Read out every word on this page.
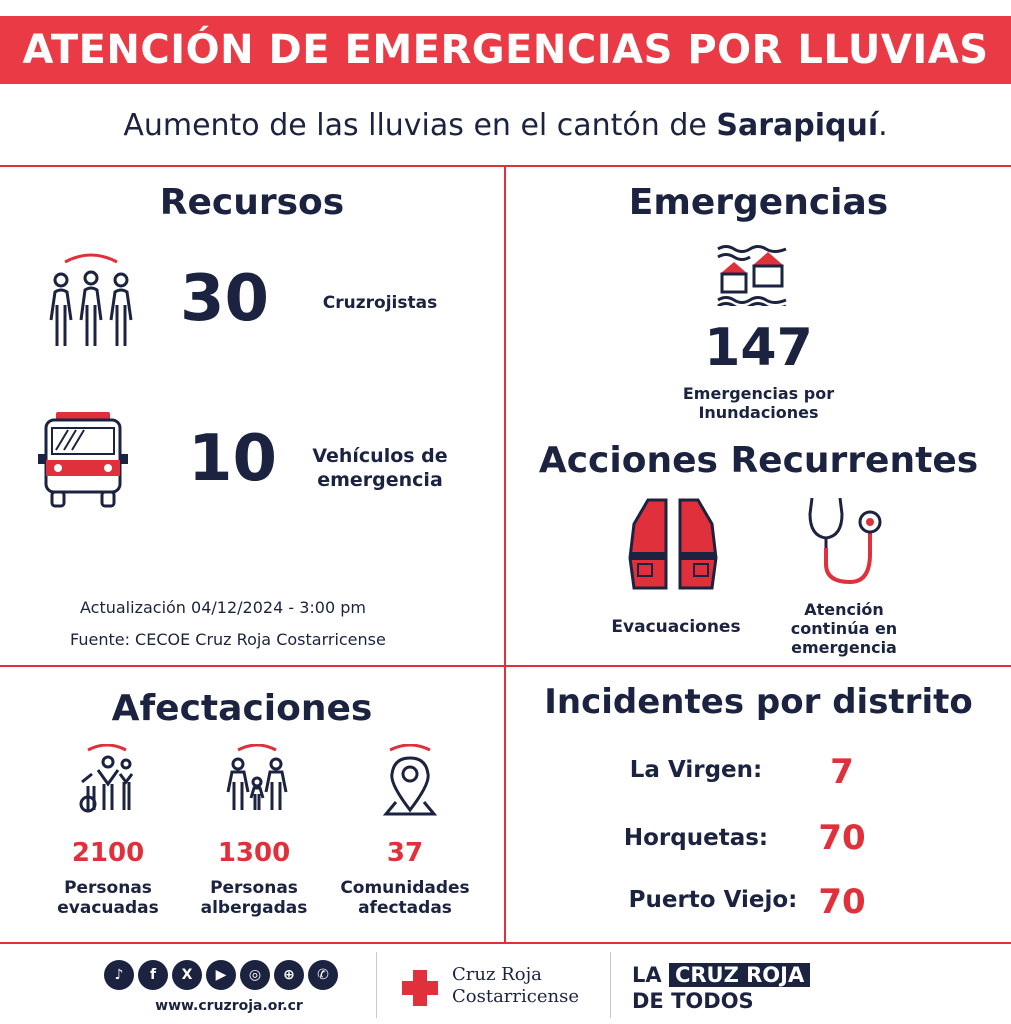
ATENCIÓN DE EMERGENCIAS POR LLUVIAS
Aumento de las lluvias en el cantón de Sarapiquí.
Recursos
30	Cruzrojistas
10	Vehículos de
emergencia
Actualización 04/12/2024 - 3:00 pm
Fuente: CECOE Cruz Roja Costarricense
Emergencias
147
Emergencias por
Inundaciones
Acciones Recurrentes
Evacuaciones
Atención
continúa en
emergencia
Afectaciones
2100
Personas
evacuadas
1300
Personas
albergadas
37
Comunidades
afectadas
Incidentes por distrito
La Virgen:	7
Horquetas:	70
Puerto Viejo: 70
♪	f	X	▶	◎	⊕	✆
www.cruzroja.or.cr
Cruz Roja
Costarricense
LA CRUZ ROJA
DE TODOS
